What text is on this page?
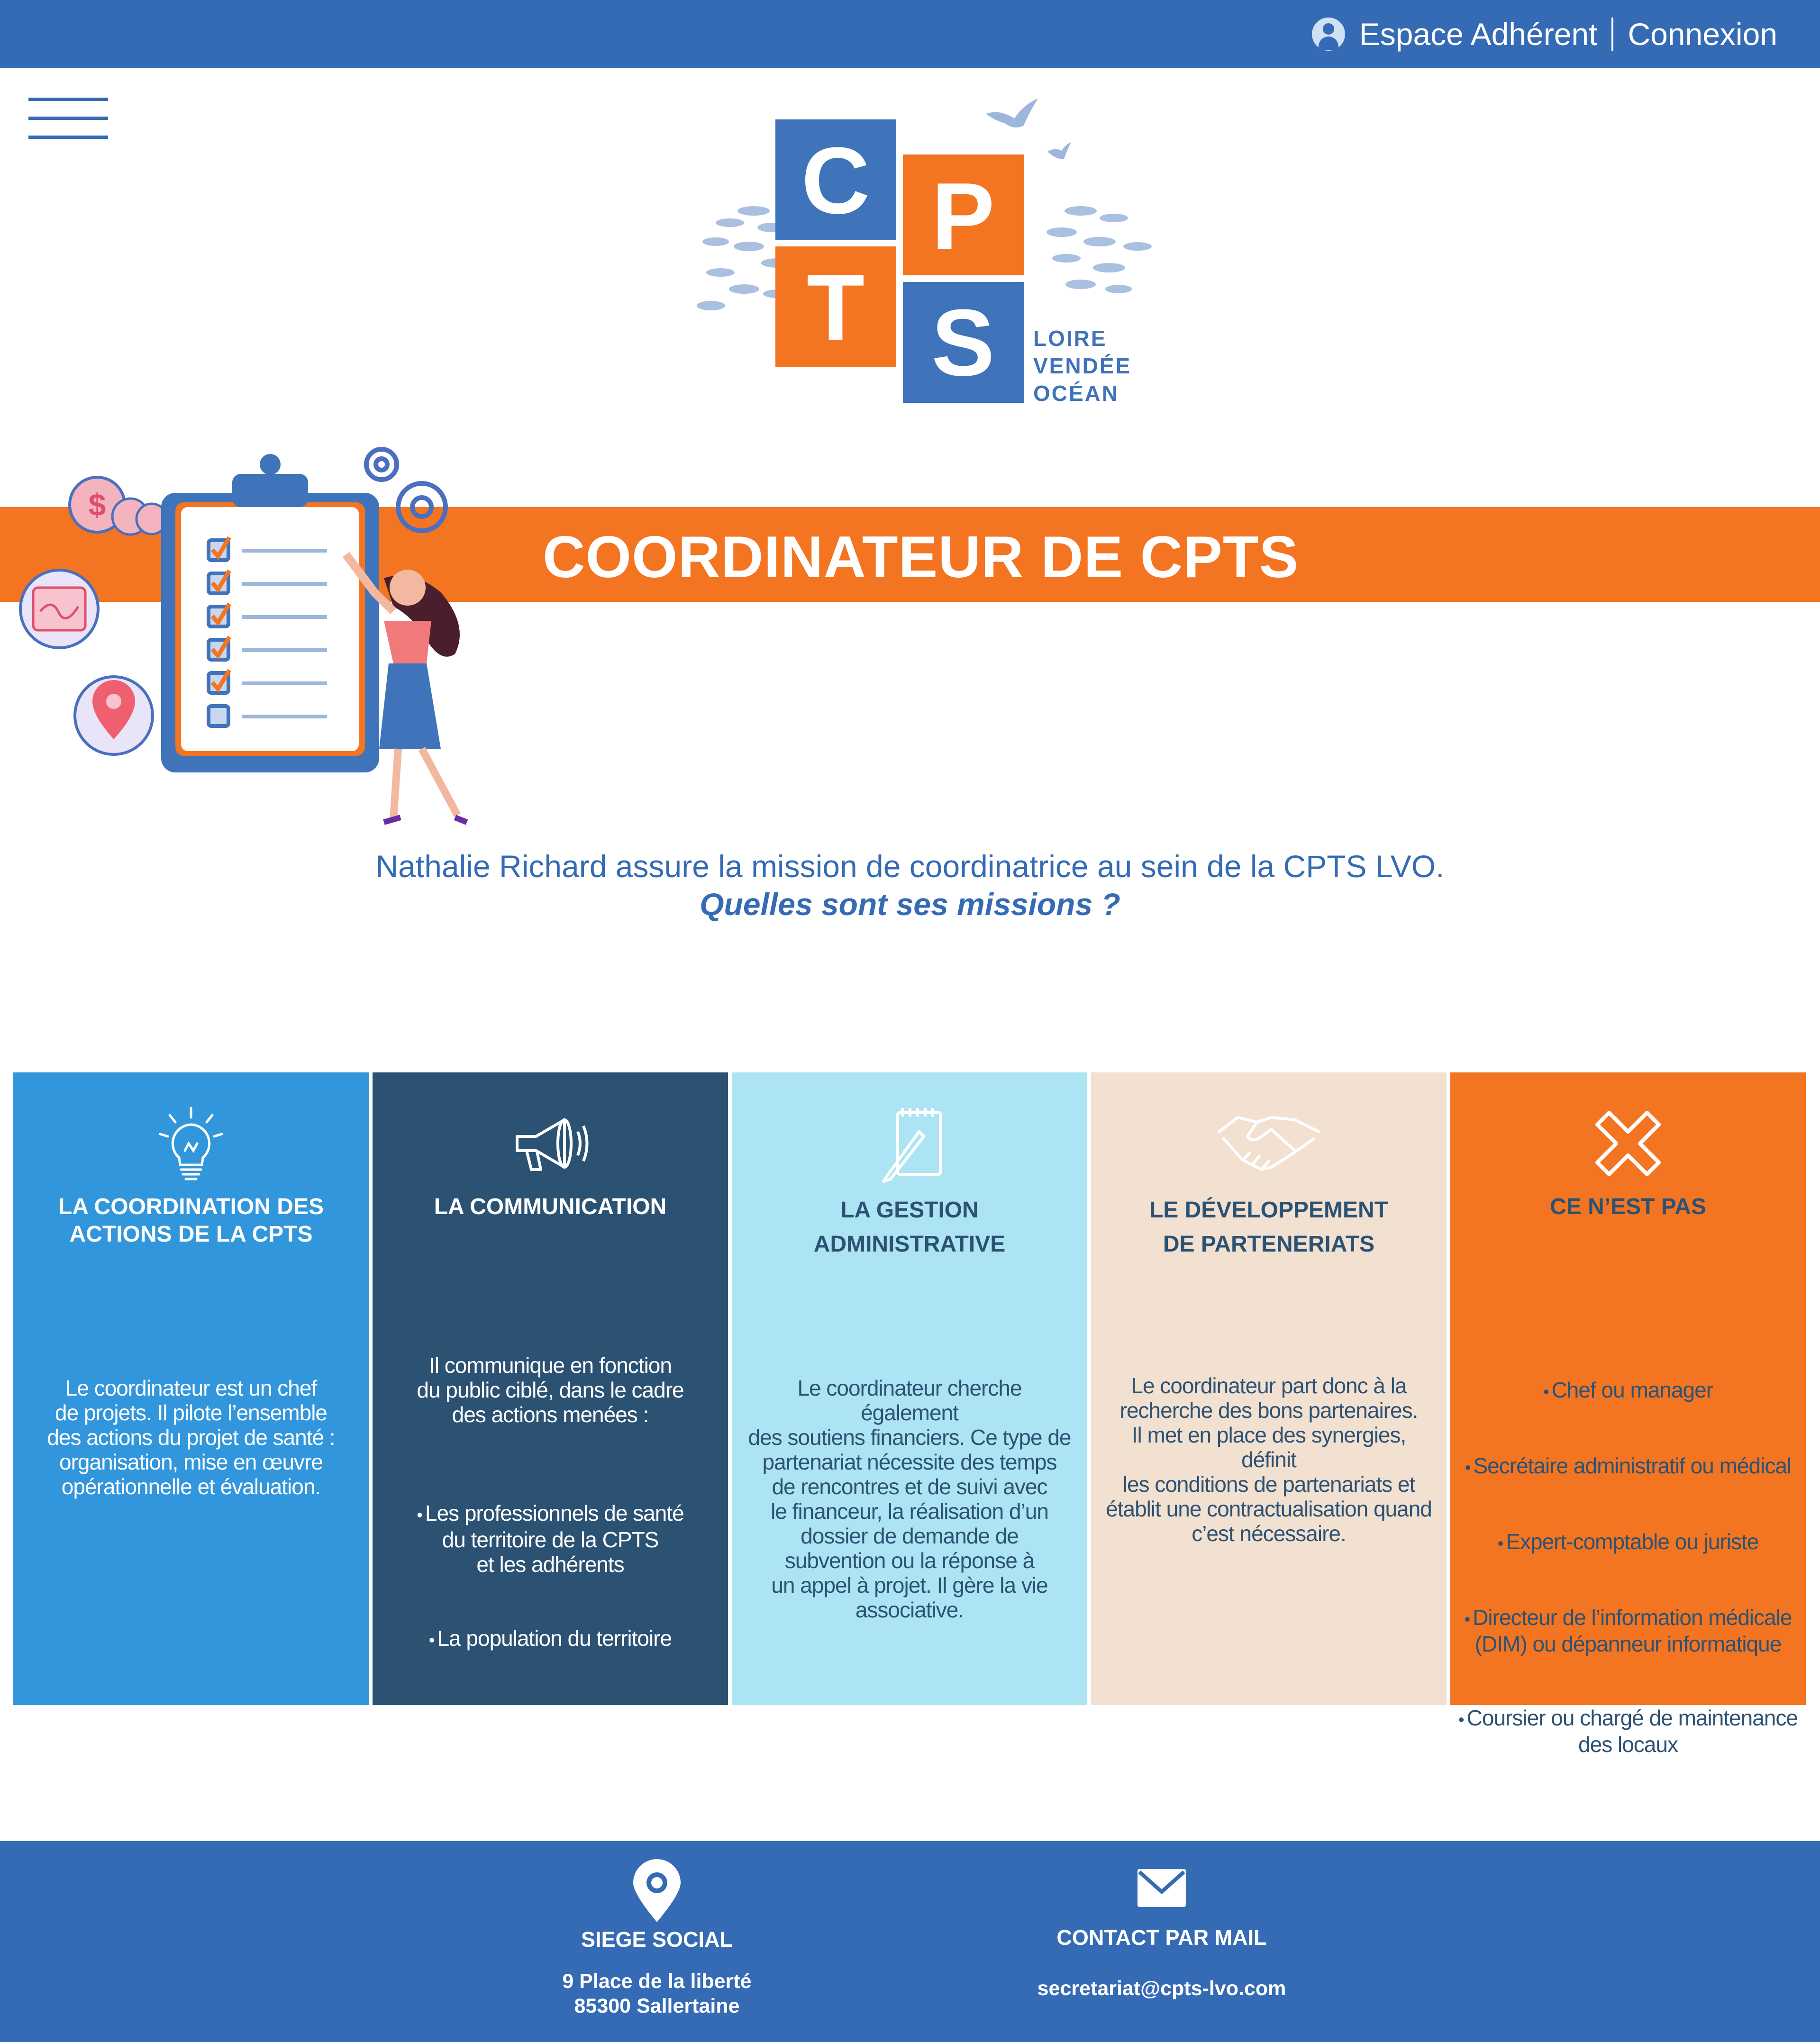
Espace Adhérent Connexion
C P
T S LOIRE
VENDÉE
OCÉAN
COORDINATEUR DE CPTS
$
Nathalie Richard assure la mission de coordinatrice au sein de la CPTS LVO.
Quelles sont ses missions ?
LA COORDINATION DES
ACTIONS DE LA CPTS
Le coordinateur est un chef
de projets. Il pilote l’ensemble
des actions du projet de santé :
organisation, mise en œuvre
opérationnelle et évaluation.
LA COMMUNICATION

Il communique en fonction
du public ciblé, dans le cadre
des actions menées :

• Les professionnels de santé
du territoire de la CPTS
et les adhérents

• La population du territoire

• Les partenaires

LA GESTION
ADMINISTRATIVE
Le coordinateur cherche également
des soutiens financiers. Ce type de
partenariat nécessite des temps
de rencontres et de suivi avec
le financeur, la réalisation d’un
dossier de demande de
subvention ou la réponse à
un appel à projet. Il gère la vie
associative.
LE DÉVELOPPEMENT
DE PARTENERIATS
Le coordinateur part donc à la
recherche des bons partenaires.
Il met en place des synergies, définit
les conditions de partenariats et
établit une contractualisation quand
c’est nécessaire.
CE N’EST PAS

• Chef ou manager

• Secrétaire administratif ou médical

• Expert-comptable ou juriste

• Directeur de l’information médicale
(DIM) ou dépanneur informatique

• Coursier ou chargé de maintenance
des locaux

SIEGE SOCIAL
9 Place de la liberté
85300 Sallertaine
CONTACT PAR MAIL
secretariat@cpts-lvo.com
